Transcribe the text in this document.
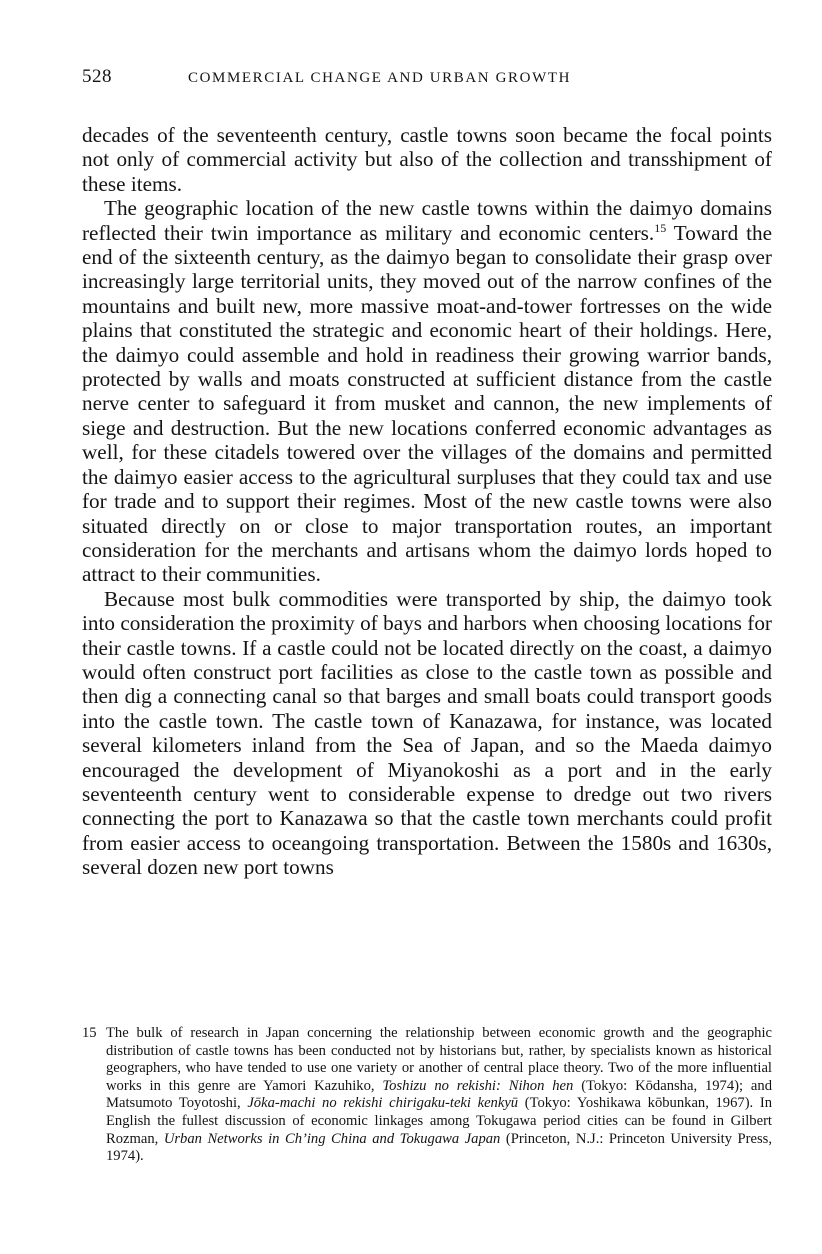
528	COMMERCIAL CHANGE AND URBAN GROWTH

decades of the seventeenth century, castle towns soon became the focal points not only of commercial activity but also of the collection and transshipment of these items.

The geographic location of the new castle towns within the daimyo domains reflected their twin importance as military and economic centers.$^{15}$ Toward the end of the sixteenth century, as the daimyo began to consolidate their grasp over increasingly large territorial units, they moved out of the narrow confines of the mountains and built new, more massive moat-and-tower fortresses on the wide plains that constituted the strategic and economic heart of their holdings. Here, the daimyo could assemble and hold in readiness their growing warrior bands, protected by walls and moats constructed at sufficient distance from the castle nerve center to safeguard it from musket and cannon, the new implements of siege and destruction. But the new locations conferred economic advantages as well, for these citadels towered over the villages of the domains and permitted the daimyo easier access to the agricultural surpluses that they could tax and use for trade and to support their regimes. Most of the new castle towns were also situated directly on or close to major transportation routes, an important consideration for the merchants and artisans whom the daimyo lords hoped to attract to their communities.

Because most bulk commodities were transported by ship, the daimyo took into consideration the proximity of bays and harbors when choosing locations for their castle towns. If a castle could not be located directly on the coast, a daimyo would often construct port facilities as close to the castle town as possible and then dig a connecting canal so that barges and small boats could transport goods into the castle town. The castle town of Kanazawa, for instance, was located several kilometers inland from the Sea of Japan, and so the Maeda daimyo encouraged the development of Miyanokoshi as a port and in the early seventeenth century went to considerable expense to dredge out two rivers connecting the port to Kanazawa so that the castle town merchants could profit from easier access to oceangoing transportation. Between the 1580s and 1630s, several dozen new port towns

15 The bulk of research in Japan concerning the relationship between economic growth and the geographic distribution of castle towns has been conducted not by historians but, rather, by specialists known as historical geographers, who have tended to use one variety or another of central place theory. Two of the more influential works in this genre are Yamori Kazuhiko, Toshizu no rekishi: Nihon hen (Tokyo: Kōdansha, 1974); and Matsumoto Toyotoshi, Jōka-machi no rekishi chirigaku-teki kenkyū (Tokyo: Yoshikawa kōbunkan, 1967). In English the fullest discussion of economic linkages among Tokugawa period cities can be found in Gilbert Rozman, Urban Networks in Ch’ing China and Tokugawa Japan (Princeton, N.J.: Princeton University Press, 1974).
